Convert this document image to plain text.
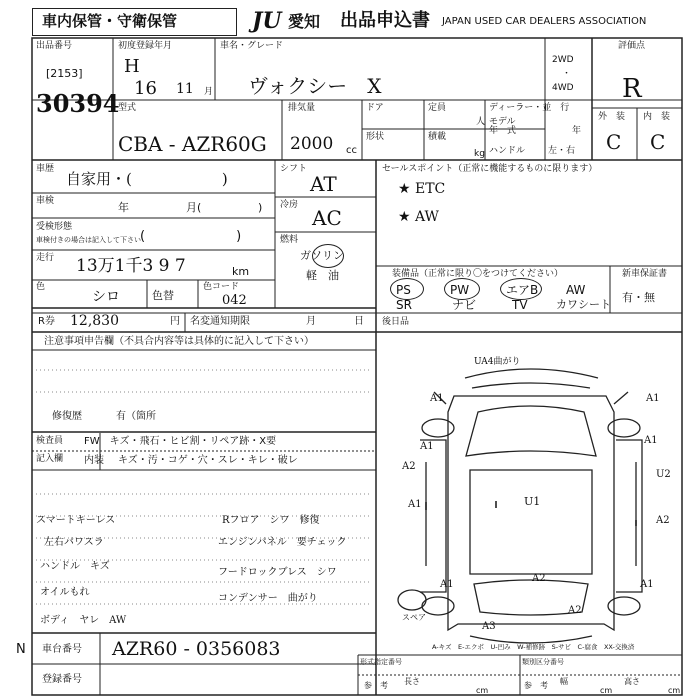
車内保管・守衛保管	JU 愛知 出品申込書 JAPAN USED CAR DEALERS ASSOCIATION
出品番号
[2153]
30394
初度登録年月
H
16 11 月
車名・グレード
ヴォクシー　X
2WD
・
4WD
評価点
R
外　装 内　装
C C
型式
CBA - AZR60G
排気量
2000 cc
ドア
形状
定員
人
積載
kg
ディーラー・並　行
モデル
年　式	年
ハンドル	左・右
車歴
自家用・(　　　　　　)
車検	年	月(	)
受検形態
車検付きの場合は記入して下さい (　　　　　　　)
走行 13万1千3 9 7	km
色
シロ	色替
色コード
042
シフト
AT
冷房
AC
燃料
ガソリン
軽　油
セールスポイント（正常に機能するものに限ります）
★ ETC
★ AW
装備品（正常に限り〇をつけてください）
PS	PW	エアB AW
SR	ナビ	TV	カワシート
新車保証書
有・無
R券 12,830	円 名変通知期限	月	日 後日品
注意事項申告欄（不具合内容等は具体的に記入して下さい）
修復歴	有（箇所
検査員
記入欄
FW　キズ・飛石・ヒビ割・リペア跡・X要
内装 キズ・汚・コゲ・穴・スレ・キレ・破レ
スマートキーレス
左右パワスラ
ハンドル　キズ
オイルもれ
ボディ　ヤレ　AW
Rフロア　シワ　修復
エンジンパネル　要チェック
フードロックブレス　シワ
コンデンサー　曲がり
N 車台番号 AZR60 - 0356083
登録番号
A-キズ　E-エクボ　U-凹み　W-補修跡　S-サビ　C-腐食　XX-交換済
形式指定番号	類別区分番号
参　考 長さ
cm
参　考 幅
cm
高さ
cm
UA4曲がり
A1	A1
A1
A1
A2
U2
U1
A1
A2
A2
A3
A1
A2
A1
スペア
